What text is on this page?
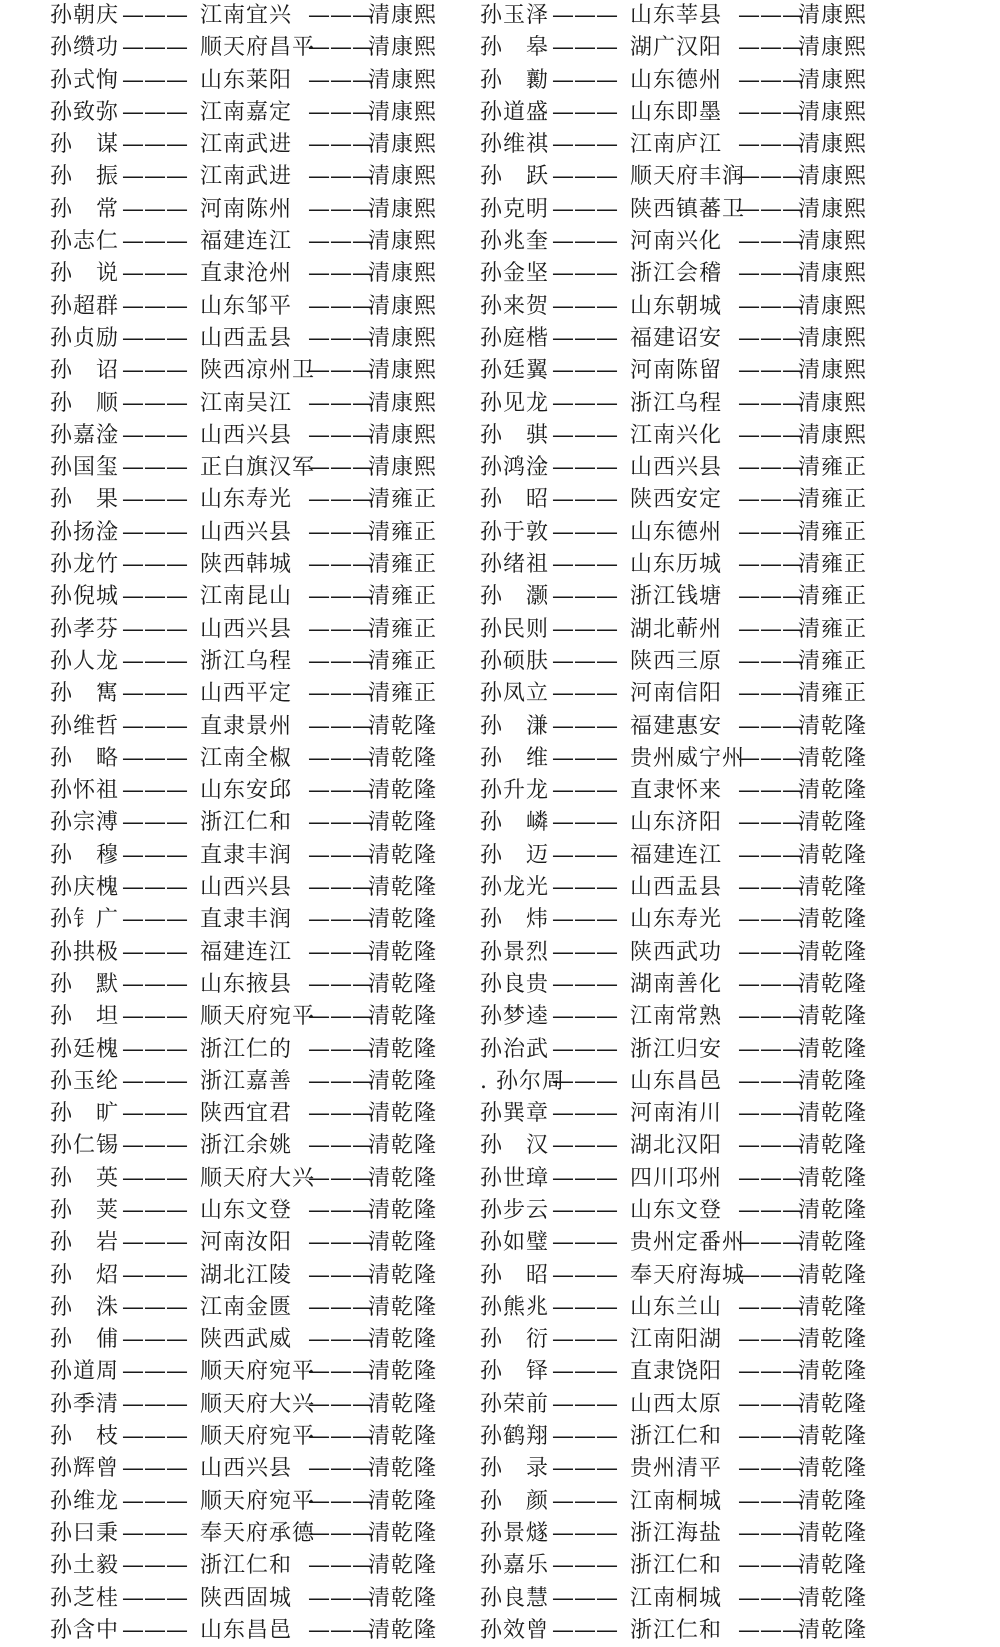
孙朝庆 ——— 江南宜兴 ———
清康熙
孙缵功 ——— 顺天府昌平
———
清康熙
孙式恂 ——— 山东莱阳 ———
清康熙
孙致弥 ——— 江南嘉定 ———
清康熙
孙　谋 ——— 江南武进 ———
清康熙
孙　振 ——— 江南武进 ———
清康熙
孙　常 ——— 河南陈州 ———
清康熙
孙志仁 ——— 福建连江 ———
清康熙
孙　说 ——— 直隶沧州 ———
清康熙
孙超群 ——— 山东邹平 ———
清康熙
孙贞励 ——— 山西盂县 ———
清康熙
孙　诏 ——— 陕西凉州卫
———
清康熙
孙　顺 ——— 江南吴江 ———
清康熙
孙嘉淦 ——— 山西兴县 ———
清康熙
孙国玺 ——— 正白旗汉军
———
清康熙
孙　果 ——— 山东寿光 ———
清雍正
孙扬淦 ——— 山西兴县 ———
清雍正
孙龙竹 ——— 陕西韩城 ———
清雍正
孙倪城 ——— 江南昆山 ———
清雍正
孙孝芬 ——— 山西兴县 ———
清雍正
孙人龙 ——— 浙江乌程 ———
清雍正
孙　寯 ——— 山西平定 ———
清雍正
孙维哲 ——— 直隶景州 ———
清乾隆
孙　略 ——— 江南全椒 ———
清乾隆
孙怀祖 ——— 山东安邱 ———
清乾隆
孙宗溥 ——— 浙江仁和 ———
清乾隆
孙　穆 ——— 直隶丰润 ———
清乾隆
孙庆槐 ——— 山西兴县 ———
清乾隆
孙钅广 ——— 直隶丰润 ———
清乾隆
孙拱极 ——— 福建连江 ———
清乾隆
孙　默 ——— 山东掖县 ———
清乾隆
孙　坦 ——— 顺天府宛平
———
清乾隆
孙廷槐 ——— 浙江仁的 ———
清乾隆
孙玉纶 ——— 浙江嘉善 ———
清乾隆
孙　旷 ——— 陕西宜君 ———
清乾隆
孙仁锡 ——— 浙江余姚 ———
清乾隆
孙　英 ——— 顺天府大兴
———
清乾隆
孙　荚 ——— 山东文登 ———
清乾隆
孙　岩 ——— 河南汝阳 ———
清乾隆
孙　炤 ——— 湖北江陵 ———
清乾隆
孙　洙 ——— 江南金匮 ———
清乾隆
孙　俌 ——— 陕西武威 ———
清乾隆
孙道周 ——— 顺天府宛平
———
清乾隆
孙季清 ——— 顺天府大兴
———
清乾隆
孙　枝 ——— 顺天府宛平
———
清乾隆
孙辉曾 ——— 山西兴县 ———
清乾隆
孙维龙 ——— 顺天府宛平
———
清乾隆
孙曰秉 ——— 奉天府承德
———
清乾隆
孙土毅 ——— 浙江仁和 ———
清乾隆
孙芝桂 ——— 陕西固城 ———
清乾隆
孙含中 ——— 山东昌邑 ———
清乾隆
孙玉泽 ——— 山东莘县 ———
清康熙
孙　皋 ——— 湖广汉阳 ———
清康熙
孙　勷 ——— 山东德州 ———
清康熙
孙道盛 ——— 山东即墨 ———
清康熙
孙维祺 ——— 江南庐江 ———
清康熙
孙　跃 ——— 顺天府丰润
———
清康熙
孙克明 ——— 陕西镇蕃卫
———
清康熙
孙兆奎 ——— 河南兴化 ———
清康熙
孙金坚 ——— 浙江会稽 ———
清康熙
孙来贺 ——— 山东朝城 ———
清康熙
孙庭楷 ——— 福建诏安 ———
清康熙
孙廷翼 ——— 河南陈留 ———
清康熙
孙见龙 ——— 浙江乌程 ———
清康熙
孙　骐 ——— 江南兴化 ———
清康熙
孙鸿淦 ——— 山西兴县 ———
清雍正
孙　昭 ——— 陕西安定 ———
清雍正
孙于敦 ——— 山东德州 ———
清雍正
孙绪祖 ——— 山东历城 ———
清雍正
孙　灏 ——— 浙江钱塘 ———
清雍正
孙民则 ——— 湖北蕲州 ———
清雍正
孙硕肤 ——— 陕西三原 ———
清雍正
孙凤立 ——— 河南信阳 ———
清雍正
孙　溓 ——— 福建惠安 ———
清乾隆
孙　维 ——— 贵州威宁州
———
清乾隆
孙升龙 ——— 直隶怀来 ———
清乾隆
孙　嶙 ——— 山东济阳 ———
清乾隆
孙　迈 ——— 福建连江 ———
清乾隆
孙龙光 ——— 山西盂县 ———
清乾隆
孙　炜 ——— 山东寿光 ———
清乾隆
孙景烈 ——— 陕西武功 ———
清乾隆
孙良贵 ——— 湖南善化 ———
清乾隆
孙梦逵 ——— 江南常熟 ———
清乾隆
孙治武 ——— 浙江归安 ———
清乾隆
. 孙尔周
——— 山东昌邑 ———
清乾隆
孙巽章 ——— 河南洧川 ———
清乾隆
孙　汉 ——— 湖北汉阳 ———
清乾隆
孙世璋 ——— 四川邛州 ———
清乾隆
孙步云 ——— 山东文登 ———
清乾隆
孙如璧 ——— 贵州定番州
———
清乾隆
孙　昭 ——— 奉天府海城
———
清乾隆
孙熊兆 ——— 山东兰山 ———
清乾隆
孙　衍 ——— 江南阳湖 ———
清乾隆
孙　铎 ——— 直隶饶阳 ———
清乾隆
孙荣前 ——— 山西太原 ———
清乾隆
孙鹤翔 ——— 浙江仁和 ———
清乾隆
孙　录 ——— 贵州清平 ———
清乾隆
孙　颜 ——— 江南桐城 ———
清乾隆
孙景燧 ——— 浙江海盐 ———
清乾隆
孙嘉乐 ——— 浙江仁和 ———
清乾隆
孙良慧 ——— 江南桐城 ———
清乾隆
孙效曾 ——— 浙江仁和 ———
清乾隆
